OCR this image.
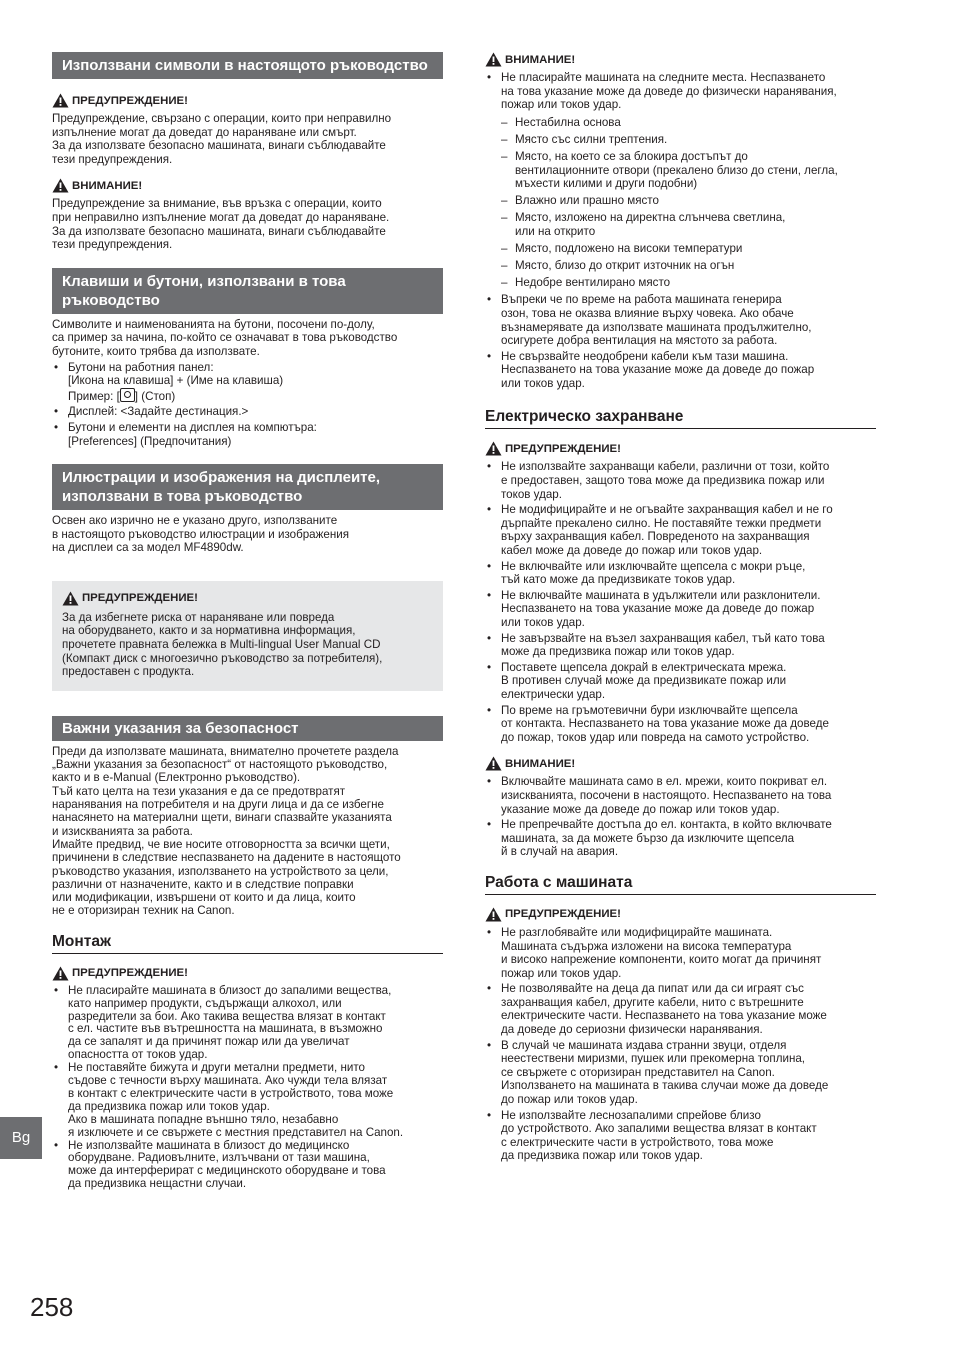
Използвани символи в настоящото ръководство
ПРЕДУПРЕЖДЕНИЕ!

Предупреждение, свързано с операции, които при неправилно
изпълнение могат да доведат до нараняване или смърт.
За да използвате безопасно машината, винаги съблюдавайте
тези предупреждения.

ВНИМАНИЕ!

Предупреждение за внимание, във връзка с операции, които
при неправилно изпълнение могат да доведат до нараняване.
За да използвате безопасно машината, винаги съблюдавайте
тези предупреждения.

Клавиши и бутони, използвани в това ръководство

Символите и наименованията на бутони, посочени по-долу,
са пример за начина, по-който се означават в това ръководство
бутоните, които трябва да използвате.

• Бутони на работния панел:
[Икона на клавиша] + (Име на клавиша)
Пример: [ ] (Стоп)
• Дисплей: <Задайте дестинация.>
• Бутони и елементи на дисплея на компютъра:
[Preferences] (Предпочитания)
Илюстрации и изображения на дисплеите, използвани в това ръководство

Освен ако изрично не е указано друго, използваните
в настоящото ръководство илюстрации и изображения
на дисплеи са за модел MF4890dw.

ПРЕДУПРЕЖДЕНИЕ!

За да избегнете риска от нараняване или повреда
на оборудването, както и за нормативна информация,
прочетете правната бележка в Multi-lingual User Manual CD
(Компакт диск с многоезично ръководство за потребителя),
предоставен с продукта.

Важни указания за безопасност

Преди да използвате машината, внимателно прочетете раздела
„Важни указания за безопасност“ от настоящото ръководство,
както и в e-Manual (Електронно ръководство).
Тъй като целта на тези указания е да се предотвратят
наранявания на потребителя и на други лица и да се избегне
нанасянето на материални щети, винаги спазвайте указанията
и изискванията за работа.
Имайте предвид, че вие носите отговорността за всички щети,
причинени в следствие неспазването на дадените в настоящото
ръководство указания, използването на устройството за цели,
различни от назначените, както и в следствие поправки
или модификации, извършени от които и да лица, които
не е оторизиран техник на Canon.

Монтаж
ПРЕДУПРЕЖДЕНИЕ!
• Не пласирайте машината в близост до запалими вещества,
като например продукти, съдържащи алкохол, или
разредители за бои. Ако такива вещества влязат в контакт
с ел. частите във вътрешността на машината, в възможно
да се запалят и да причинят пожар или да увеличат
опасността от токов удар.
• Не поставяйте бижута и други метални предмети, нито
съдове с течности върху машината. Ако чужди тела влязат
в контакт с електрическите части в устройството, това може
да предизвика пожар или токов удар.
Ако в машината попадне външно тяло, незабавно
я изключете и се свържете с местния представител на Canon.
• Не използвайте машината в близост до медицинско
оборудване. Радиовълните, излъчвани от тази машина,
може да интерферират с медицинското оборудване и това
да предизвика нещастни случаи.
ВНИМАНИЕ!
• Не пласирайте машината на следните места. Неспазването
на това указание може да доведе до физически наранявания,
пожар или токов удар.
– Нестабилна основа
– Място със силни трептения.
– Място, на което се за блокира достъпът до
вентилационните отвори (прекалено близо до стени, легла,
мъхести килими и други подобни)
– Влажно или прашно място
– Място, изложено на директна слънчева светлина,
или на открито
– Място, подложено на високи температури
– Място, близо до открит източник на огън
– Недобре вентилирано място
• Въпреки че по време на работа машината генерира
озон, това не оказва влияние върху човека. Ако обаче
възнамерявате да използвате машината продължително,
осигурете добра вентилация на мястото за работа.
• Не свързвайте неодобрени кабели към тази машина.
Неспазването на това указание може да доведе до пожар
или токов удар.
Електрическо захранване
ПРЕДУПРЕЖДЕНИЕ!
• Не използвайте захранващи кабели, различни от този, който
е предоставен, защото това може да предизвика пожар или
токов удар.
• Не модифицирайте и не огъвайте захранващия кабел и не го
дърпайте прекалено силно. Не поставяйте тежки предмети
върху захранващия кабел. Повреденото на захранващия
кабел може да доведе до пожар или токов удар.
• Не включвайте или изключвайте щепсела с мокри ръце,
тъй като може да предизвикате токов удар.
• Не включвайте машината в удължители или разклонители.
Неспазването на това указание може да доведе до пожар
или токов удар.
• Не завързвайте на възел захранващия кабел, тъй като това
може да предизвика пожар или токов удар.
• Поставете щепсела докрай в електрическата мрежа.
В противен случай може да предизвикате пожар или
електрически удар.
• По време на гръмотевични бури изключвайте щепсела
от контакта. Неспазването на това указание може да доведе
до пожар, токов удар или повреда на самото устройство.
ВНИМАНИЕ!
• Включвайте машината само в ел. мрежи, които покриват ел.
изискванията, посочени в настоящото. Неспазването на това
указание може да доведе до пожар или токов удар.
• Не препречвайте достъпа до ел. контакта, в който включвате
машината, за да можете бързо да изключите щепсела
й в случай на авария.
Работа с машината
ПРЕДУПРЕЖДЕНИЕ!
• Не разглобявайте или модифицирайте машината.
Машината съдържа изложени на висока температура
и високо напрежение компоненти, които могат да причинят
пожар или токов удар.
• Не позволявайте на деца да пипат или да си играят със
захранващия кабел, другите кабели, нито с вътрешните
електрическите части. Неспазването на това указание може
да доведе до сериозни физически наранявания.
• В случай че машината издава странни звуци, отделя
неестествени миризми, пушек или прекомерна топлина,
се свържете с оторизиран представител на Canon.
Използването на машината в такива случаи може да доведе
до пожар или токов удар.
• Не използвайте леснозапалими спрейове близо
до устройството. Ако запалими вещества влязат в контакт
с електрическите части в устройството, това може
да предизвика пожар или токов удар.
Bg
258
